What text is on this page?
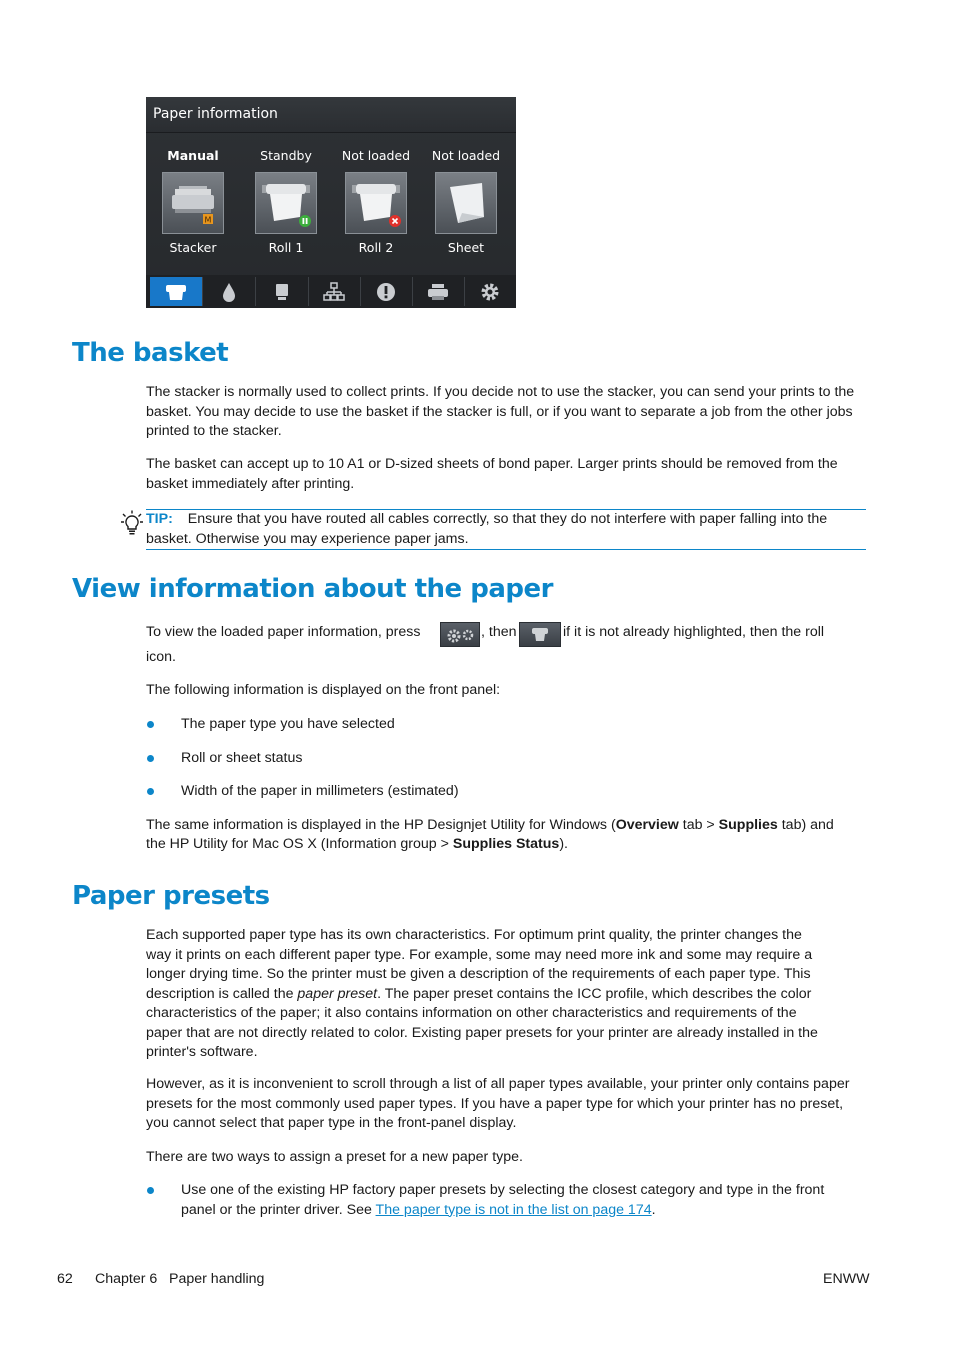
Paper information
Manual
M
Stacker
Standby
Roll 1
Not loaded
Roll 2
Not loaded
Sheet
The basket

The stacker is normally used to collect prints. If you decide not to use the stacker, you can send your prints to the basket. You may decide to use the basket if the stacker is full, or if you want to separate a job from the other jobs printed to the stacker.

The basket can accept up to 10 A1 or D-sized sheets of bond paper. Larger prints should be removed from the basket immediately after printing.

TIP: Ensure that you have routed all cables correctly, so that they do not interfere with paper falling into the basket. Otherwise you may experience paper jams.

View information about the paper

To view the loaded paper information, press	, then	if it is not already highlighted, then the roll

icon.

The following information is displayed on the front panel:

The paper type you have selected

Roll or sheet status

Width of the paper in millimeters (estimated)

The same information is displayed in the HP Designjet Utility for Windows (Overview tab > Supplies tab) and

the HP Utility for Mac OS X (Information group > Supplies Status).

Paper presets
Each supported paper type has its own characteristics. For optimum print quality, the printer changes the
way it prints on each different paper type. For example, some may need more ink and some may require a
longer drying time. So the printer must be given a description of the requirements of each paper type. This
description is called the paper preset. The paper preset contains the ICC profile, which describes the color
characteristics of the paper; it also contains information on other characteristics and requirements of the
paper that are not directly related to color. Existing paper presets for your printer are already installed in the
printer's software.

However, as it is inconvenient to scroll through a list of all paper types available, your printer only contains paper presets for the most commonly used paper types. If you have a paper type for which your printer has no preset, you cannot select that paper type in the front-panel display.

There are two ways to assign a preset for a new paper type.

Use one of the existing HP factory paper presets by selecting the closest category and type in the front
panel or the printer driver. See The paper type is not in the list on page 174.
62 Chapter 6 Paper handling	ENWW
